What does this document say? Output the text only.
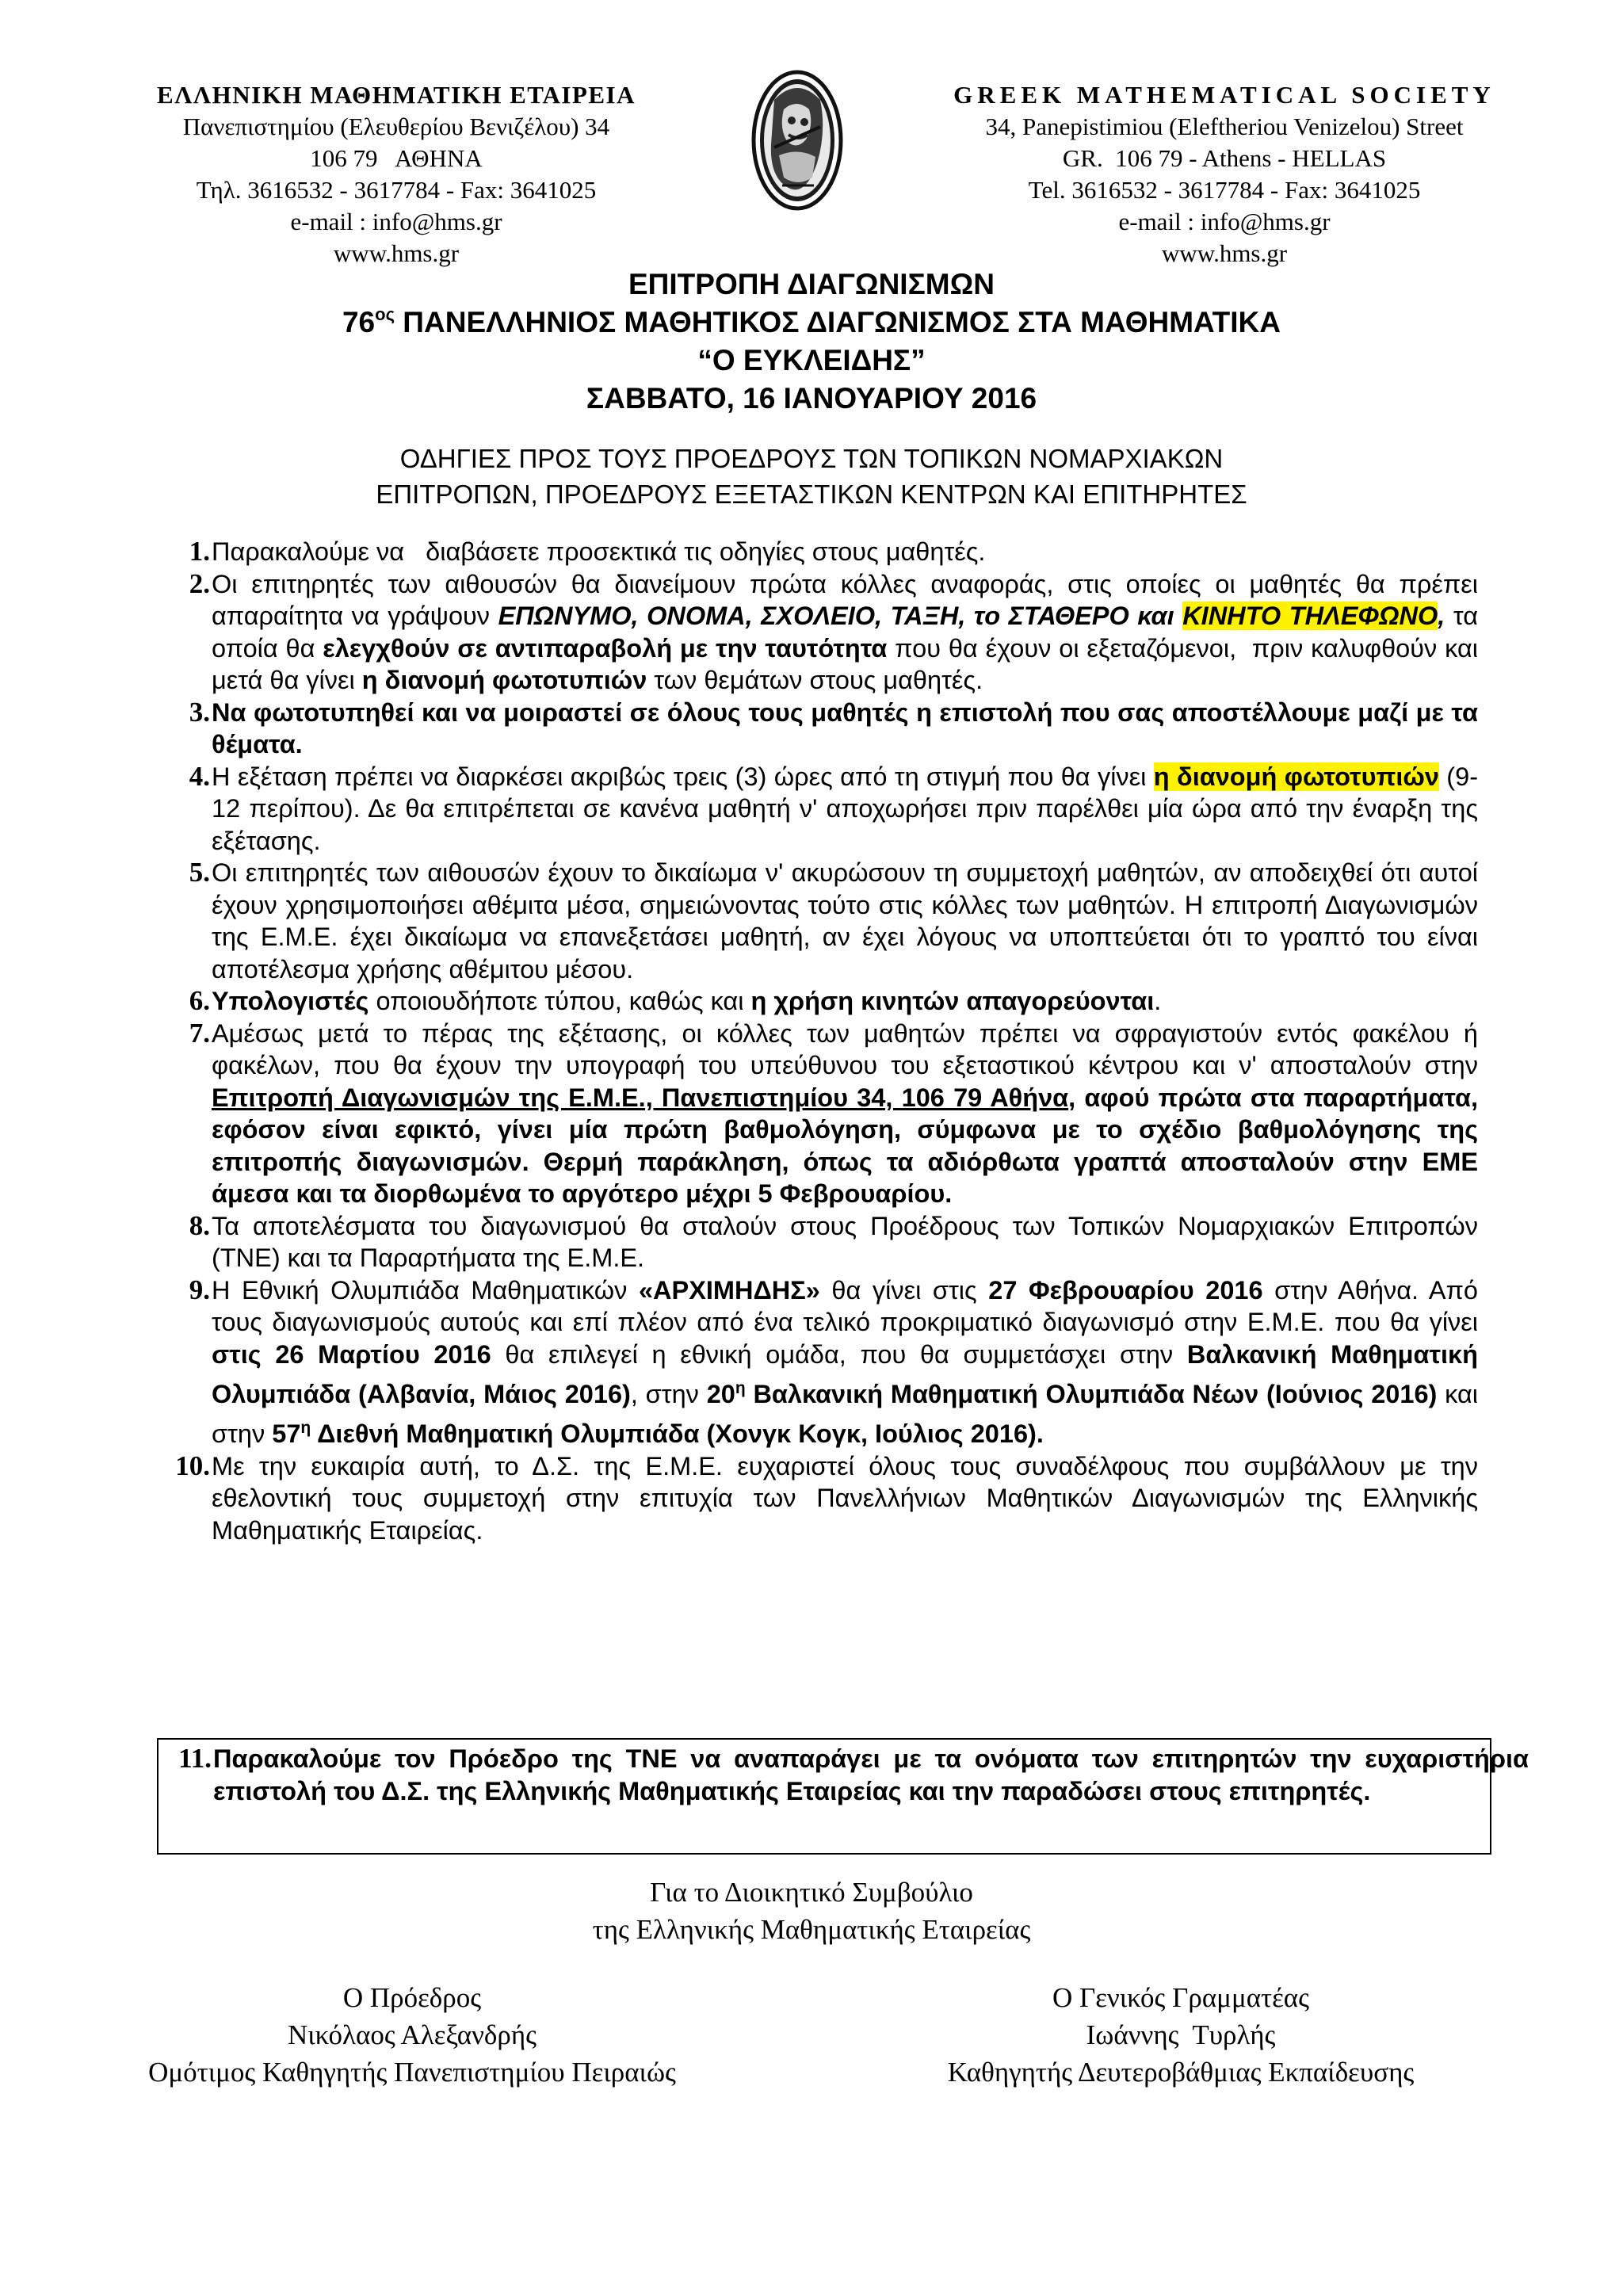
ΕΛΛΗΝΙΚΗ ΜΑΘΗΜΑΤΙΚΗ ΕΤΑΙΡΕΙΑ
Πανεπιστημίου (Ελευθερίου Βενιζέλου) 34
106 79   ΑΘΗΝΑ
Τηλ. 3616532 - 3617784 - Fax: 3641025
e-mail : info@hms.gr
www.hms.gr
GREEK MATHEMATICAL SOCIETY
34, Panepistimiou (Εleftheriou Venizelou) Street
GR.  106 79 - Athens - HELLAS
Tel. 3616532 - 3617784 - Fax: 3641025
e-mail : info@hms.gr
www.hms.gr
ΕΠΙΤΡΟΠΗ ΔΙΑΓΩΝΙΣΜΩΝ
$76^{o\varsigma}$ ΠΑΝΕΛΛΗΝΙΟΣ ΜΑΘΗΤΙΚΟΣ ΔΙΑΓΩΝΙΣΜΟΣ ΣΤΑ ΜΑΘΗΜΑΤΙΚΑ
“Ο ΕΥΚΛΕΙΔΗΣ”
ΣΑΒΒΑΤΟ, 16 ΙΑΝΟΥΑΡΙΟΥ 2016
ΟΔΗΓΙΕΣ ΠΡΟΣ ΤΟΥΣ ΠΡΟΕΔΡΟΥΣ ΤΩΝ ΤΟΠΙΚΩΝ ΝΟΜΑΡΧΙΑΚΩΝ
ΕΠΙΤΡΟΠΩΝ, ΠΡΟΕΔΡΟΥΣ ΕΞΕΤΑΣΤΙΚΩΝ ΚΕΝΤΡΩΝ ΚΑΙ ΕΠΙΤΗΡΗΤΕΣ
1. Παρακαλούμε να   διαβάσετε προσεκτικά τις οδηγίες στους μαθητές.
2. Οι επιτηρητές των αιθουσών θα διανείμουν πρώτα κόλλες αναφοράς, στις οποίες οι μαθητές θα πρέπει απαραίτητα να γράψουν ΕΠΩΝΥΜΟ, ΟΝΟΜΑ, ΣΧΟΛΕΙΟ, ΤΑΞΗ, το ΣΤΑΘΕΡΟ και ΚΙΝΗΤΟ ΤΗΛΕΦΩΝΟ, τα οποία θα ελεγχθούν σε αντιπαραβολή με την ταυτότητα που θα έχουν οι εξεταζόμενοι,  πριν καλυφθούν και μετά θα γίνει η διανομή φωτοτυπιών των θεμάτων στους μαθητές.
3. Να φωτοτυπηθεί και να μοιραστεί σε όλους τους μαθητές η επιστολή που σας αποστέλλουμε μαζί με τα θέματα.
4. Η εξέταση πρέπει να διαρκέσει ακριβώς τρεις (3) ώρες από τη στιγμή που θα γίνει η διανομή φωτοτυπιών (9-12 περίπου). Δε θα επιτρέπεται σε κανένα μαθητή ν' αποχωρήσει πριν παρέλθει μία ώρα από την έναρξη της εξέτασης.
5. Οι επιτηρητές των αιθουσών έχουν το δικαίωμα ν' ακυρώσουν τη συμμετοχή μαθητών, αν αποδειχθεί ότι αυτοί έχουν χρησιμοποιήσει αθέμιτα μέσα, σημειώνοντας τούτο στις κόλλες των μαθητών. Η επιτροπή Διαγωνισμών της Ε.Μ.Ε. έχει δικαίωμα να επανεξετάσει μαθητή, αν έχει λόγους να υποπτεύεται ότι το γραπτό του είναι αποτέλεσμα χρήσης αθέμιτου μέσου.
6. Υπολογιστές οποιουδήποτε τύπου, καθώς και η χρήση κινητών απαγορεύονται.
7. Αμέσως μετά το πέρας της εξέτασης, οι κόλλες των μαθητών πρέπει να σφραγιστούν εντός φακέλου ή φακέλων, που θα έχουν την υπογραφή του υπεύθυνου του εξεταστικού κέντρου και ν' αποσταλούν στην Επιτροπή Διαγωνισμών της Ε.Μ.Ε., Πανεπιστημίου 34, 106 79 Αθήνα, αφού πρώτα στα παραρτήματα, εφόσον είναι εφικτό, γίνει μία πρώτη βαθμολόγηση, σύμφωνα με το σχέδιο βαθμολόγησης της επιτροπής διαγωνισμών. Θερμή παράκληση, όπως τα αδιόρθωτα γραπτά αποσταλούν στην ΕΜΕ άμεσα και τα διορθωμένα το αργότερο μέχρι 5 Φεβρουαρίου.
8. Τα αποτελέσματα του διαγωνισμού θα σταλούν στους Προέδρους των Τοπικών Νομαρχιακών Επιτροπών (ΤΝΕ) και τα Παραρτήματα της Ε.Μ.Ε.
9. Η Εθνική Ολυμπιάδα Μαθηματικών «ΑΡΧΙΜΗΔΗΣ» θα γίνει στις 27 Φεβρουαρίου 2016 στην Αθήνα. Από τους διαγωνισμούς αυτούς και επί πλέον από ένα τελικό προκριματικό διαγωνισμό στην Ε.Μ.Ε. που θα γίνει στις 26 Μαρτίου 2016 θα επιλεγεί η εθνική ομάδα, που θα συμμετάσχει στην Βαλκανική Μαθηματική Ολυμπιάδα (Αλβανία, Μάιος 2016), στην $20^\eta$ Βαλκανική Μαθηματική Ολυμπιάδα Νέων (Ιούνιος 2016) και στην $57^\eta$ Διεθνή Μαθηματική Ολυμπιάδα (Χονγκ Κογκ, Ιούλιος 2016).
10. Με την ευκαιρία αυτή, το Δ.Σ. της Ε.Μ.Ε. ευχαριστεί όλους τους συναδέλφους που συμβάλλουν με την εθελοντική τους συμμετοχή στην επιτυχία των Πανελλήνιων Μαθητικών Διαγωνισμών της Ελληνικής Μαθηματικής Εταιρείας.
11. Παρακαλούμε τον Πρόεδρο της ΤΝΕ να αναπαράγει με τα ονόματα των επιτηρητών την ευχαριστήρια επιστολή του Δ.Σ. της Ελληνικής Μαθηματικής Εταιρείας και την παραδώσει στους επιτηρητές.
Για το Διοικητικό Συμβούλιο
της Ελληνικής Μαθηματικής Εταιρείας
Ο Πρόεδρος
Νικόλαος Αλεξανδρής
Ομότιμος Καθηγητής Πανεπιστημίου Πειραιώς
Ο Γενικός Γραμματέας
Ιωάννης  Τυρλής
Καθηγητής Δευτεροβάθμιας Εκπαίδευσης
